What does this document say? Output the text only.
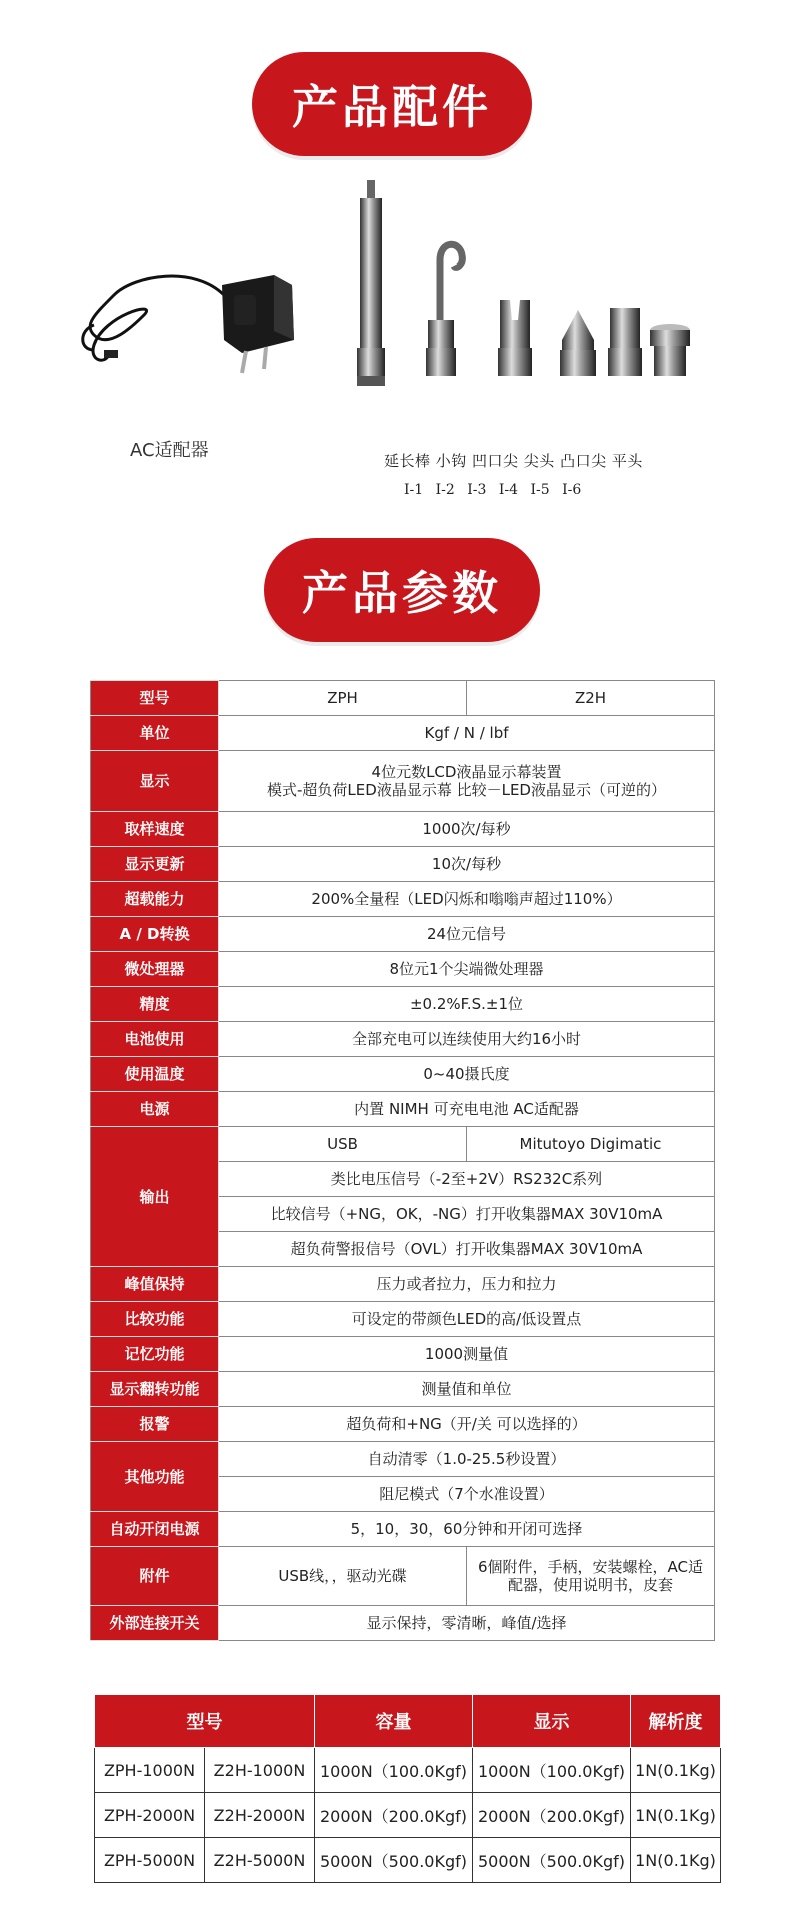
产品配件
AC适配器	延长棒 小钩 凹口尖 尖头 凸口尖 平头
I-1 I-2 I-3 I-4 I-5 I-6
产品参数
型号	ZPH	Z2H
单位	Kgf / N / lbf	
显示	4位元数LCD液晶显示幕装置
模式-超负荷LED液晶显示幕 比较－LED液晶显示（可逆的）	

取样速度	1000次/每秒	
显示更新	10次/每秒	
超载能力	200%全量程（LED闪烁和嗡嗡声超过110%）	
A / D转换	24位元信号	
微处理器	8位元1个尖端微处理器	
精度	±0.2%F.S.±1位	
电池使用	全部充电可以连续使用大约16小时	
使用温度	0~40摄氏度	
电源	内置 NIMH 可充电电池 AC适配器	
输出	USB	Mitutoyo Digimatic
	类比电压信号（-2至+2V）RS232C系列	
	比较信号（+NG，OK，-NG）打开收集器MAX 30V10mA	
	超负荷警报信号（OVL）打开收集器MAX 30V10mA	
峰值保持	压力或者拉力，压力和拉力	
比较功能	可设定的带颜色LED的高/低设置点	
记忆功能	1000测量值	
显示翻转功能	测量值和单位	
报警	超负荷和+NG（开/关 可以选择的）	
其他功能	自动清零（1.0-25.5秒设置）	
	阻尼模式（7个水准设置）	
自动开闭电源	5，10，30，60分钟和开闭可选择	
附件	USB线，，驱动光碟	6個附件，手柄，安装螺栓，AC适配器，使用说明书，皮套
外部连接开关	显示保持，零清晰，峰值/选择	
型号		容量	显示	解析度
ZPH-1000N	Z2H-1000N	1000N（100.0Kgf)	1000N（100.0Kgf)	1N(0.1Kg)
ZPH-2000N	Z2H-2000N	2000N（200.0Kgf)	2000N（200.0Kgf)	1N(0.1Kg)
ZPH-5000N	Z2H-5000N	5000N（500.0Kgf)	5000N（500.0Kgf)	1N(0.1Kg)
